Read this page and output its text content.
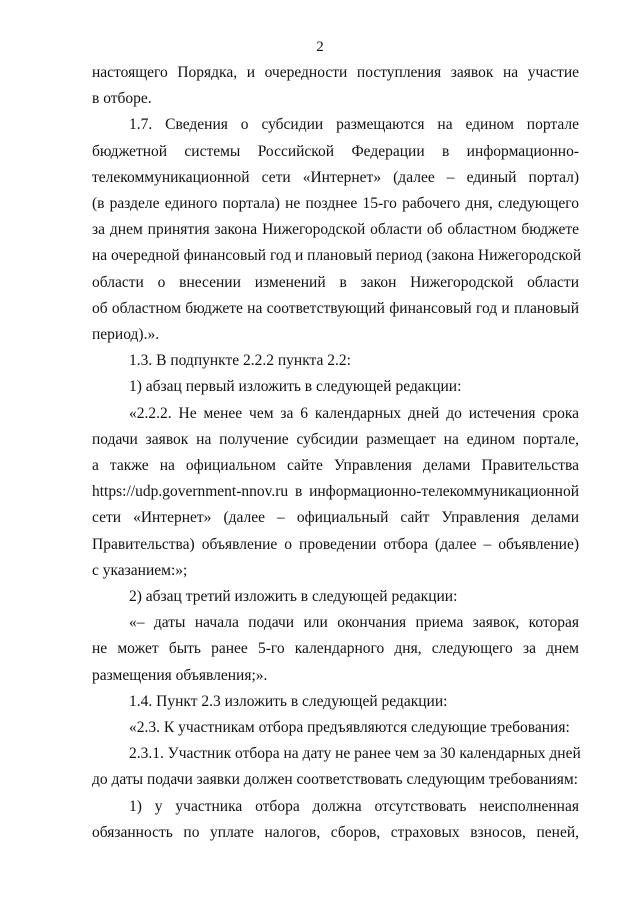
2
настоящего Порядка, и очередности поступления заявок на участие
в отборе.
1.7. Сведения о субсидии размещаются на едином портале
бюджетной системы Российской Федерации в информационно-
телекоммуникационной сети «Интернет» (далее – единый портал)
(в разделе единого портала) не позднее 15-го рабочего дня, следующего
за днем принятия закона Нижегородской области об областном бюджете
на очередной финансовый год и плановый период (закона Нижегородской
области о внесении изменений в закон Нижегородской области
об областном бюджете на соответствующий финансовый год и плановый
период).».
1.3. В подпункте 2.2.2 пункта 2.2:
1) абзац первый изложить в следующей редакции:
«2.2.2. Не менее чем за 6 календарных дней до истечения срока
подачи заявок на получение субсидии размещает на едином портале,
а также на официальном сайте Управления делами Правительства
https://udp.government-nnov.ru в информационно-телекоммуникационной
сети «Интернет» (далее – официальный сайт Управления делами
Правительства) объявление о проведении отбора (далее – объявление)
с указанием:»;
2) абзац третий изложить в следующей редакции:
«– даты начала подачи или окончания приема заявок, которая
не может быть ранее 5-го календарного дня, следующего за днем
размещения объявления;».
1.4. Пункт 2.3 изложить в следующей редакции:
«2.3. К участникам отбора предъявляются следующие требования:
2.3.1. Участник отбора на дату не ранее чем за 30 календарных дней
до даты подачи заявки должен соответствовать следующим требованиям:
1) у участника отбора должна отсутствовать неисполненная
обязанность по уплате налогов, сборов, страховых взносов, пеней,
